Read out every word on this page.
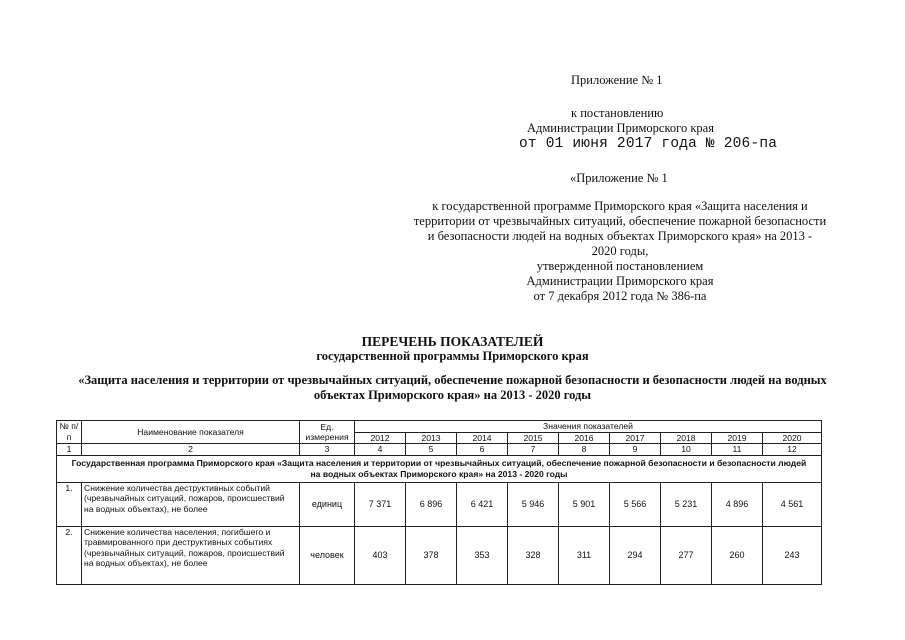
Приложение № 1
к постановлению
Администрации Приморского края
от 01 июня 2017 года № 206-па
«Приложение № 1
к государственной программе Приморского края «Защита населения и
территории от чрезвычайных ситуаций, обеспечение пожарной безопасности
и безопасности людей на водных объектах Приморского края» на 2013 -
2020 годы,
утвержденной постановлением
Администрации Приморского края
от 7 декабря 2012 года № 386-па
ПЕРЕЧЕНЬ ПОКАЗАТЕЛЕЙ
государственной программы Приморского края
«Защита населения и территории от чрезвычайных ситуаций, обеспечение пожарной безопасности и безопасности людей на водных
объектах Приморского края» на 2013 - 2020 годы
№ п/п	Наименование показателя	Ед.
измерения	Значения показателей								
			2012	2013	2014	2015	2016	2017	2018	2019	2020
1	2	3	4	5	6	7	8	9	10	11	12

Государственная программа Приморского края «Защита населения и территории от чрезвычайных ситуаций, обеспечение пожарной безопасности и безопасности людей
на водных объектах Приморского края» на 2013 - 2020 годы											

1.	Снижение количества деструктивных событий
(чрезвычайных ситуаций, пожаров, происшествий
на водных объектах), не более	единиц	7 371	6 896	6 421	5 946	5 901	5 566	5 231	4 896	4 561
2.	Снижение количества населения, погибшего и
травмированного при деструктивных событиях
(чрезвычайных ситуаций, пожаров, происшествий
на водных объектах), не более	человек	403	378	353	328	311	294	277	260	243
